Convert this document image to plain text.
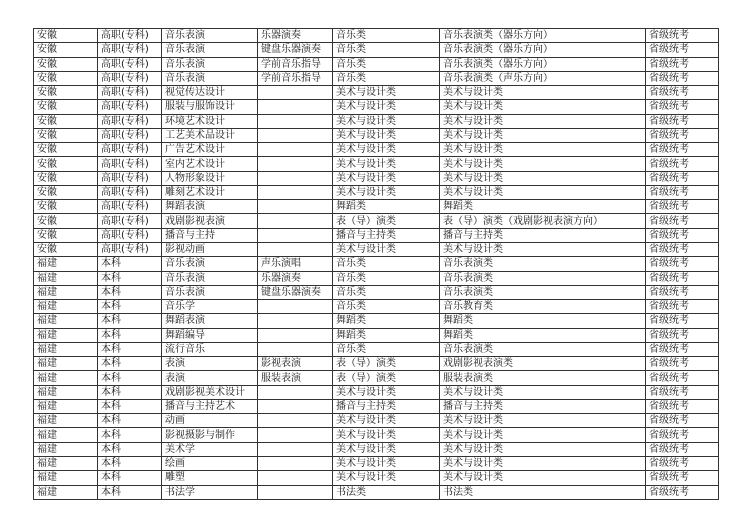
安徽	高职(专科)	音乐表演	乐器演奏	音乐类	音乐表演类（器乐方向）	省级统考
安徽	高职(专科)	音乐表演	键盘乐器演奏	音乐类	音乐表演类（器乐方向）	省级统考
安徽	高职(专科)	音乐表演	学前音乐指导	音乐类	音乐表演类（器乐方向）	省级统考
安徽	高职(专科)	音乐表演	学前音乐指导	音乐类	音乐表演类（声乐方向）	省级统考
安徽	高职(专科)	视觉传达设计		美术与设计类	美术与设计类	省级统考
安徽	高职(专科)	服装与服饰设计		美术与设计类	美术与设计类	省级统考
安徽	高职(专科)	环境艺术设计		美术与设计类	美术与设计类	省级统考
安徽	高职(专科)	工艺美术品设计		美术与设计类	美术与设计类	省级统考
安徽	高职(专科)	广告艺术设计		美术与设计类	美术与设计类	省级统考
安徽	高职(专科)	室内艺术设计		美术与设计类	美术与设计类	省级统考
安徽	高职(专科)	人物形象设计		美术与设计类	美术与设计类	省级统考
安徽	高职(专科)	雕刻艺术设计		美术与设计类	美术与设计类	省级统考
安徽	高职(专科)	舞蹈表演		舞蹈类	舞蹈类	省级统考
安徽	高职(专科)	戏剧影视表演		表（导）演类	表（导）演类（戏剧影视表演方向）	省级统考
安徽	高职(专科)	播音与主持		播音与主持类	播音与主持类	省级统考
安徽	高职(专科)	影视动画		美术与设计类	美术与设计类	省级统考
福建	本科	音乐表演	声乐演唱	音乐类	音乐表演类	省级统考
福建	本科	音乐表演	乐器演奏	音乐类	音乐表演类	省级统考
福建	本科	音乐表演	键盘乐器演奏	音乐类	音乐表演类	省级统考
福建	本科	音乐学		音乐类	音乐教育类	省级统考
福建	本科	舞蹈表演		舞蹈类	舞蹈类	省级统考
福建	本科	舞蹈编导		舞蹈类	舞蹈类	省级统考
福建	本科	流行音乐		音乐类	音乐表演类	省级统考
福建	本科	表演	影视表演	表（导）演类	戏剧影视表演类	省级统考
福建	本科	表演	服装表演	表（导）演类	服装表演类	省级统考
福建	本科	戏剧影视美术设计		美术与设计类	美术与设计类	省级统考
福建	本科	播音与主持艺术		播音与主持类	播音与主持类	省级统考
福建	本科	动画		美术与设计类	美术与设计类	省级统考
福建	本科	影视摄影与制作		美术与设计类	美术与设计类	省级统考
福建	本科	美术学		美术与设计类	美术与设计类	省级统考
福建	本科	绘画		美术与设计类	美术与设计类	省级统考
福建	本科	雕塑		美术与设计类	美术与设计类	省级统考
福建	本科	书法学		书法类	书法类	省级统考
